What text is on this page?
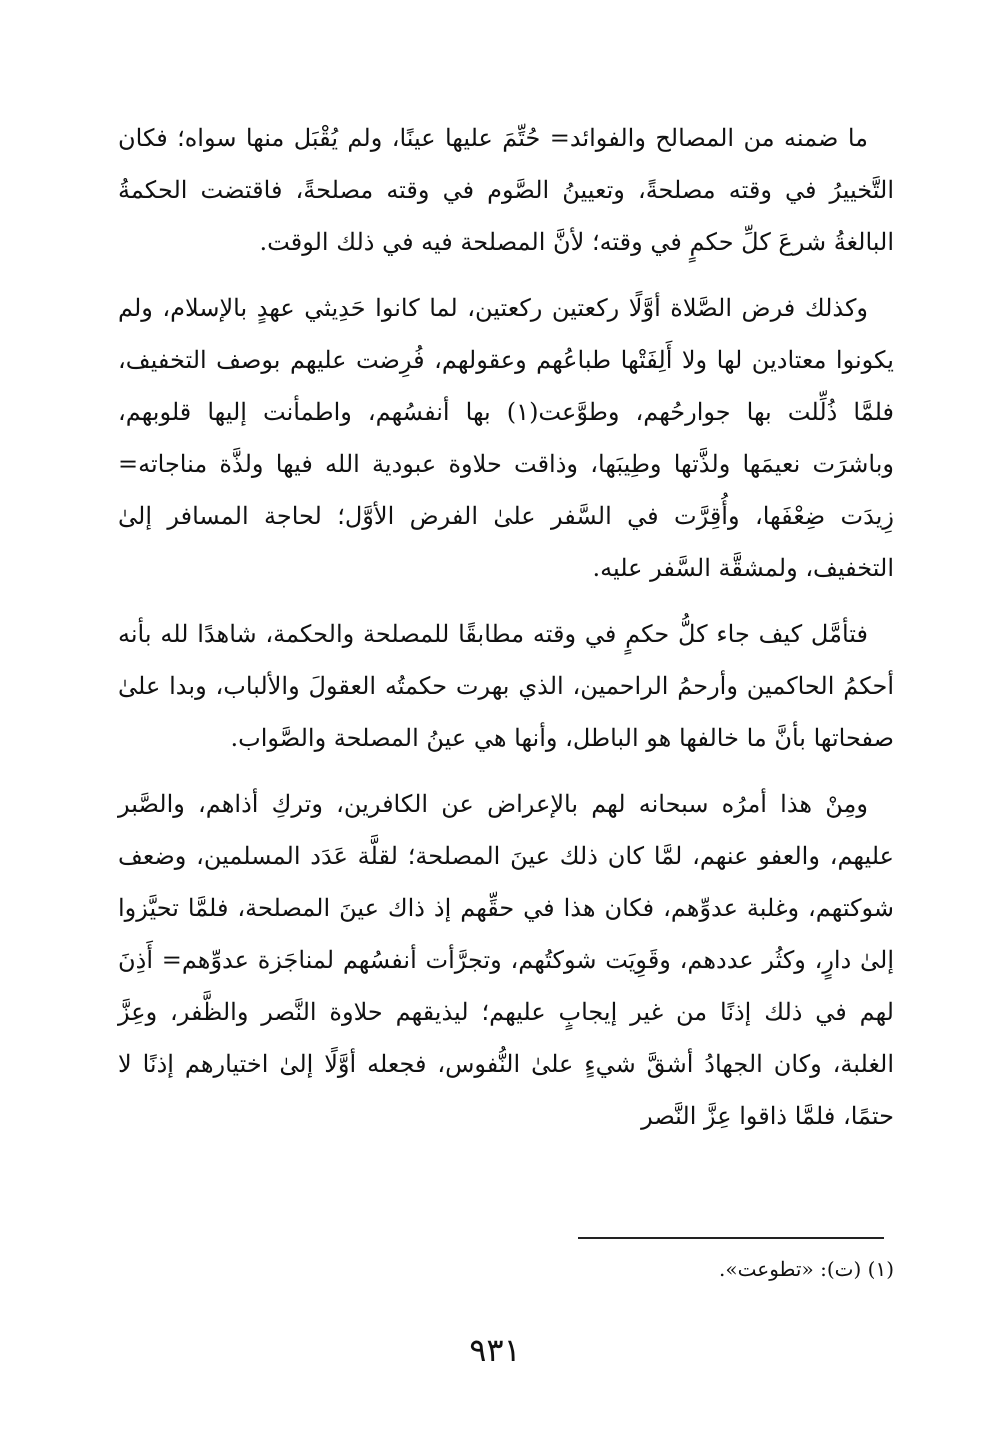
ما ضمنه من المصالح والفوائد= حُتِّمَ عليها عينًا، ولم يُقْبَل منها سواه؛ فكان التَّخييرُ في وقته مصلحةً، وتعيينُ الصَّوم في وقته مصلحةً، فاقتضت الحكمةُ البالغةُ شرعَ كلِّ حكمٍ في وقته؛ لأنَّ المصلحة فيه في ذلك الوقت.

وكذلك فرض الصَّلاة أوَّلًا ركعتين ركعتين، لما كانوا حَدِيثي عهدٍ بالإسلام، ولم يكونوا معتادين لها ولا أَلِفَتْها طباعُهم وعقولهم، فُرِضت عليهم بوصف التخفيف، فلمَّا ذُلِّلت بها جوارحُهم، وطوَّعت(١) بها أنفسُهم، واطمأنت إليها قلوبهم، وباشرَت نعيمَها ولذَّتها وطِيبَها، وذاقت حلاوة عبودية الله فيها ولذَّة مناجاته= زِيدَت ضِعْفَها، وأُقِرَّت في السَّفر علىٰ الفرض الأوَّل؛ لحاجة المسافر إلىٰ التخفيف، ولمشقَّة السَّفر عليه.

فتأمَّل كيف جاء كلُّ حكمٍ في وقته مطابقًا للمصلحة والحكمة، شاهدًا لله بأنه أحكمُ الحاكمين وأرحمُ الراحمين، الذي بهرت حكمتُه العقولَ والألباب، وبدا علىٰ صفحاتها بأنَّ ما خالفها هو الباطل، وأنها هي عينُ المصلحة والصَّواب.

ومِنْ هذا أمرُه سبحانه لهم بالإعراض عن الكافرين، وتركِ أذاهم، والصَّبر عليهم، والعفو عنهم، لمَّا كان ذلك عينَ المصلحة؛ لقلَّة عَدَد المسلمين، وضعف شوكتهم، وغلبة عدوِّهم، فكان هذا في حقِّهم إذ ذاك عينَ المصلحة، فلمَّا تحيَّزوا إلىٰ دارٍ، وكثُر عددهم، وقَوِيَت شوكتُهم، وتجرَّأت أنفسُهم لمناجَزة عدوِّهم= أَذِنَ لهم في ذلك إذنًا من غير إيجابٍ عليهم؛ ليذيقهم حلاوة النَّصر والظَّفر، وعِزَّ الغلبة، وكان الجهادُ أشقَّ شيءٍ علىٰ النُّفوس، فجعله أوَّلًا إلىٰ اختيارهم إذنًا لا حتمًا، فلمَّا ذاقوا عِزَّ النَّصر

(١) (ت): «تطوعت».
٩٣١
